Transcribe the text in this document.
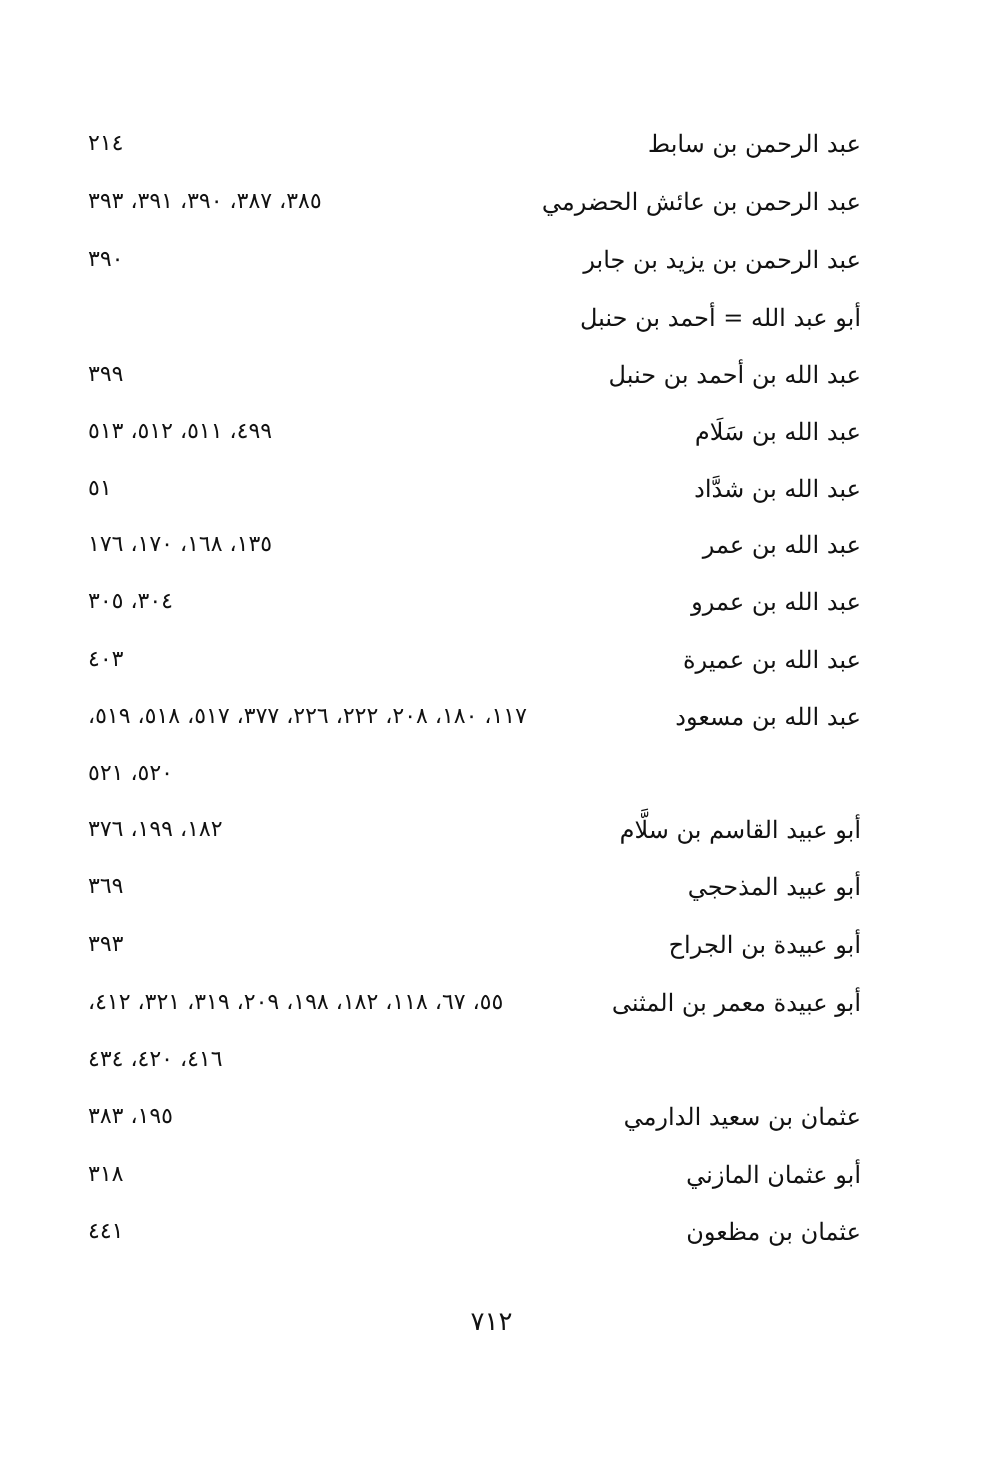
عبد الرحمن بن سابط
٢١٤
عبد الرحمن بن عائش الحضرمي
٣٨٥، ٣٨٧، ٣٩٠، ٣٩١، ٣٩٣
عبد الرحمن بن يزيد بن جابر
٣٩٠
أبو عبد الله = أحمد بن حنبل
عبد الله بن أحمد بن حنبل
٣٩٩
عبد الله بن سَلَام
٤٩٩، ٥١١، ٥١٢، ٥١٣
عبد الله بن شدَّاد
٥١
عبد الله بن عمر
١٣٥، ١٦٨، ١٧٠، ١٧٦
عبد الله بن عمرو
٣٠٤، ٣٠٥
عبد الله بن عميرة
٤٠٣
عبد الله بن مسعود
١١٧، ١٨٠، ٢٠٨، ٢٢٢، ٢٢٦، ٣٧٧، ٥١٧، ٥١٨، ٥١٩،
٥٢٠، ٥٢١
أبو عبيد القاسم بن سلَّام
١٨٢، ١٩٩، ٣٧٦
أبو عبيد المذحجي
٣٦٩
أبو عبيدة بن الجراح
٣٩٣
أبو عبيدة معمر بن المثنى
٥٥، ٦٧، ١١٨، ١٨٢، ١٩٨، ٢٠٩، ٣١٩، ٣٢١، ٤١٢،
٤١٦، ٤٢٠، ٤٣٤
عثمان بن سعيد الدارمي
١٩٥، ٣٨٣
أبو عثمان المازني
٣١٨
عثمان بن مظعون
٤٤١
٧١٢
